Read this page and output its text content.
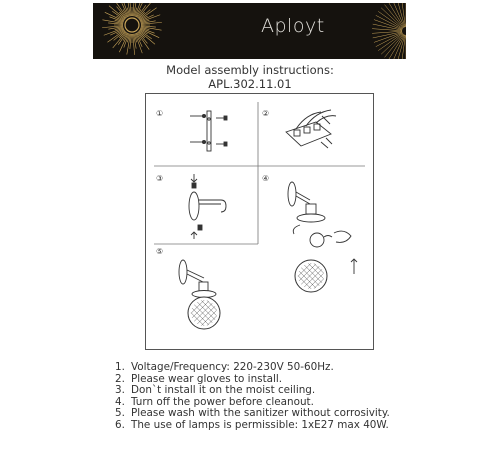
Aployt
Model assembly instructions:
APL.302.11.01
①	②
③	④
⑤
1. Voltage/Frequency: 220-230V 50-60Hz.
2. Please wear gloves to install.
3. Don`t install it on the moist ceiling.
4. Turn off the power before cleanout.
5. Please wash with the sanitizer without corrosivity.
6. The use of lamps is permissible: 1xE27 max 40W.
